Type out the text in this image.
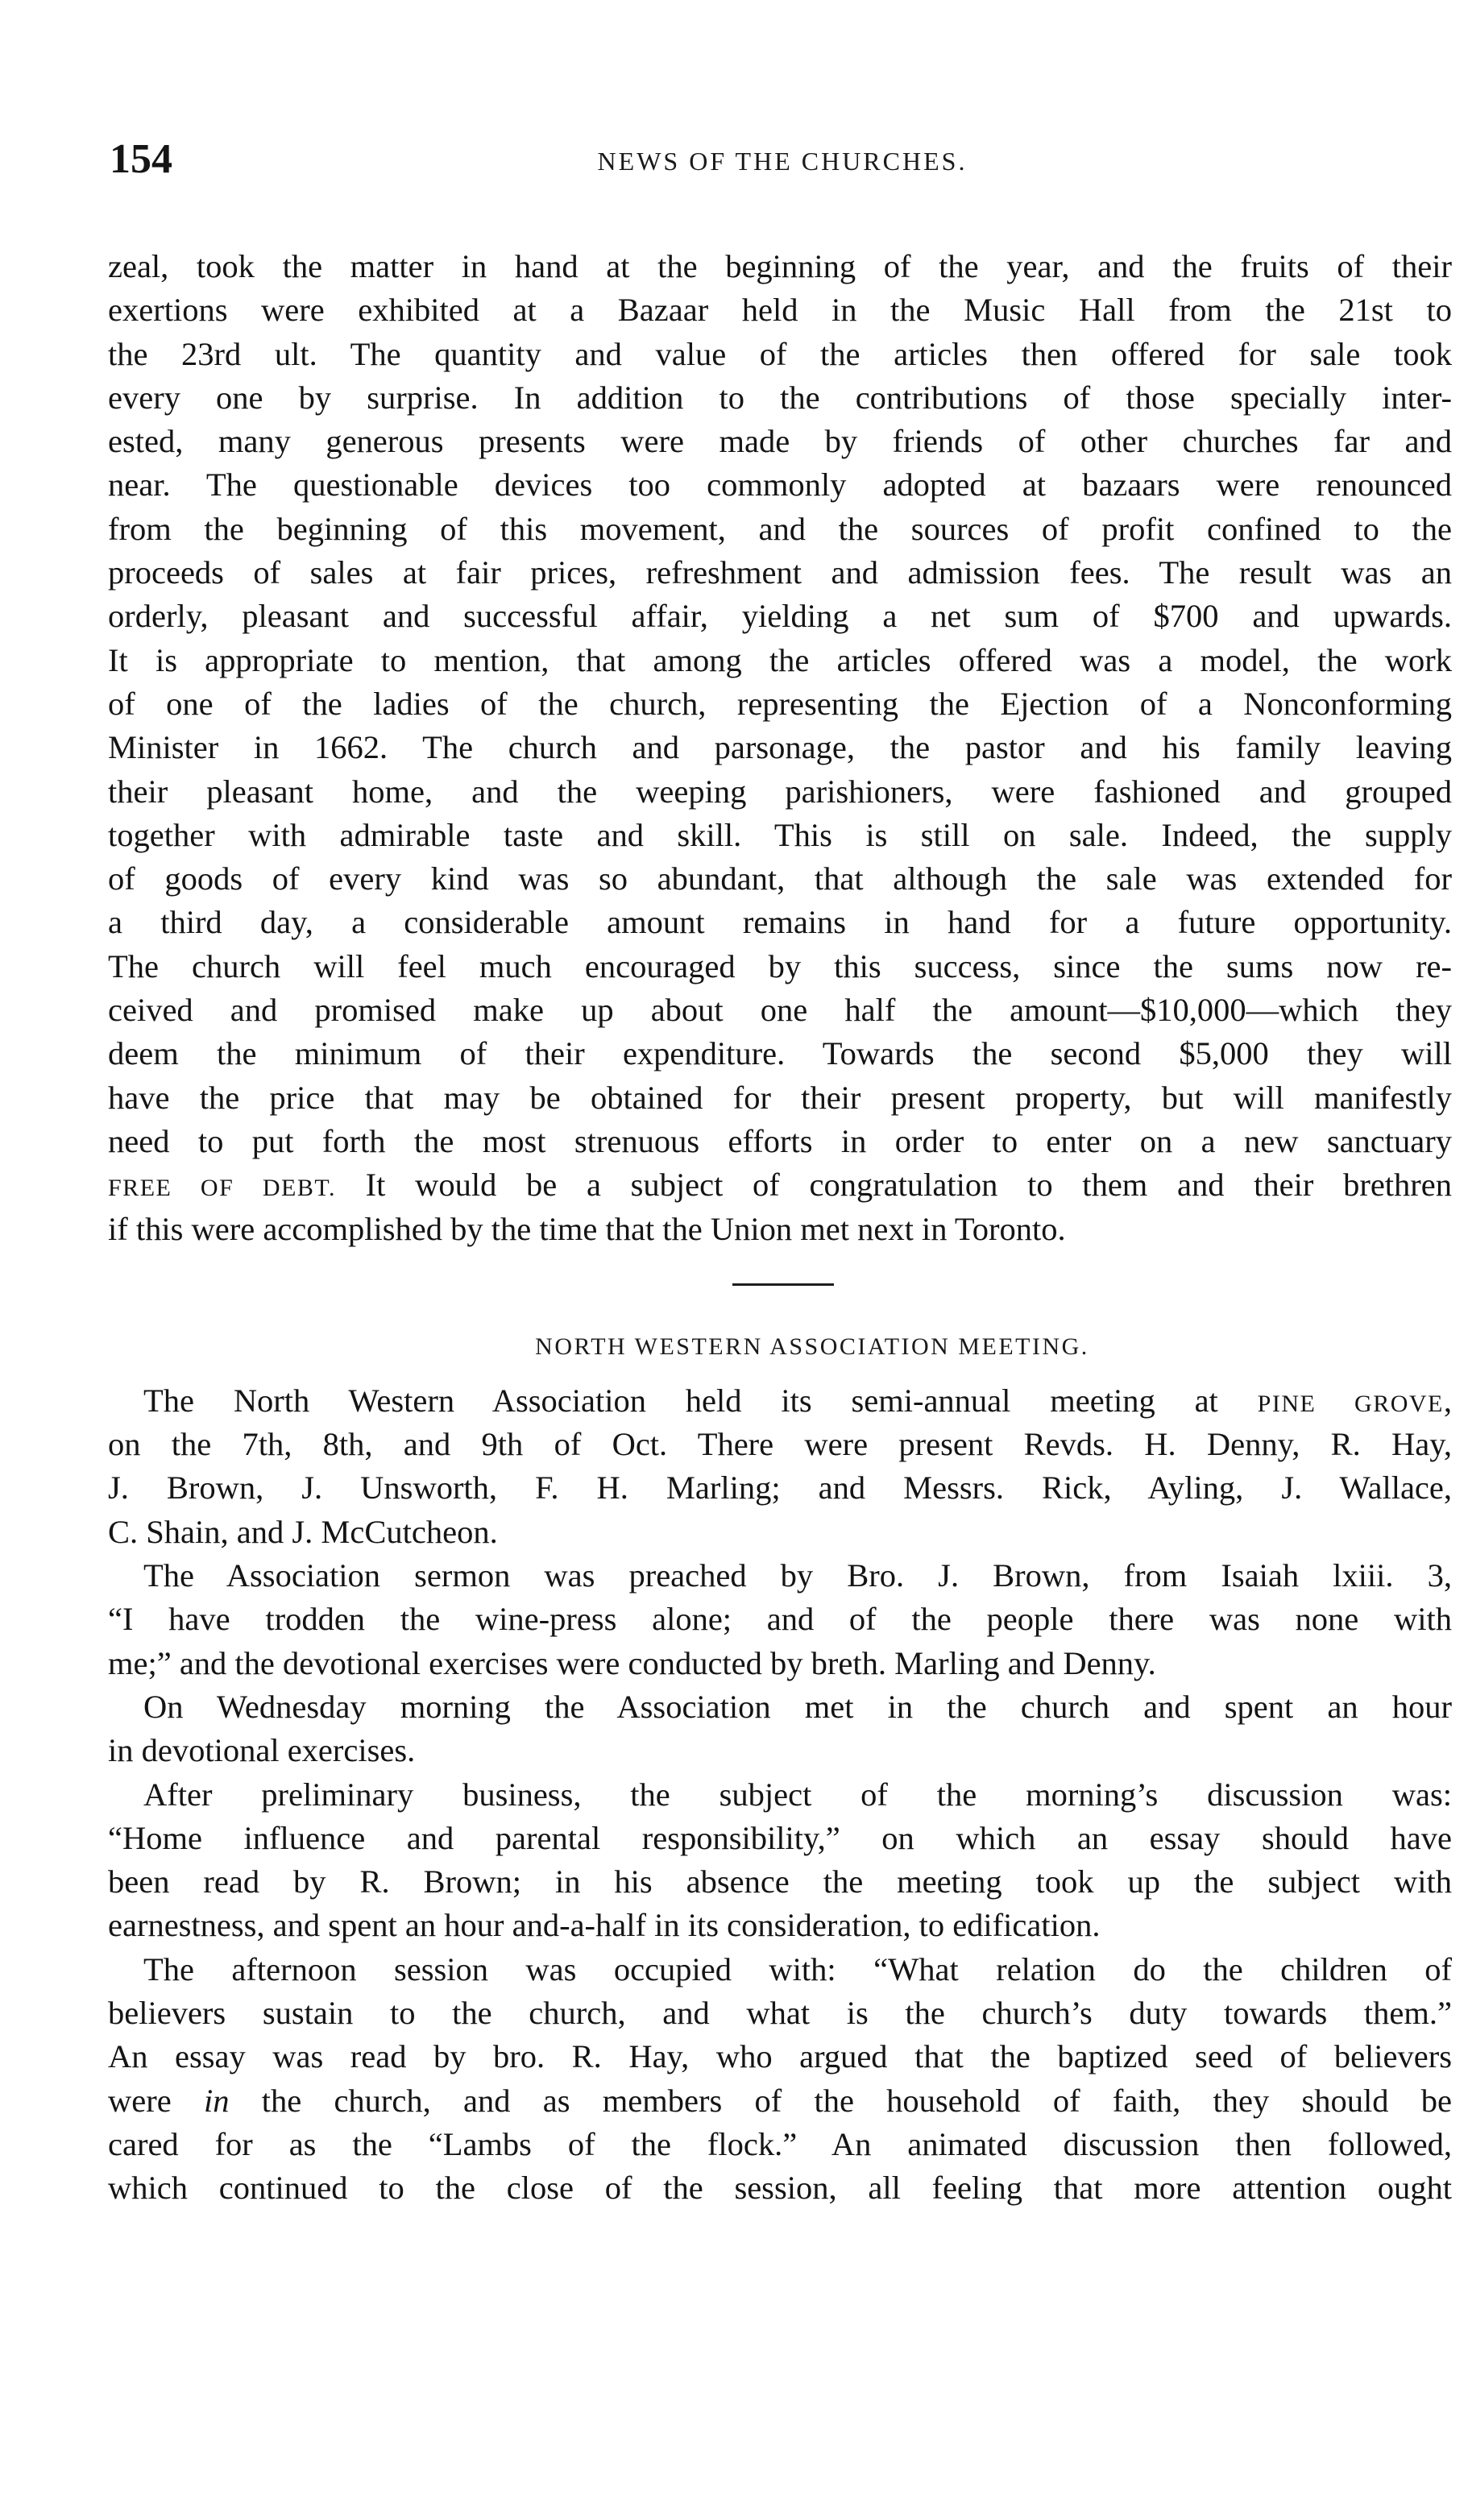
154	NEWS OF THE CHURCHES.
zeal, took the matter in hand at the beginning of the year, and the fruits of their
exertions were exhibited at a Bazaar held in the Music Hall from the 21st to
the 23rd ult. The quantity and value of the articles then offered for sale took
every one by surprise. In addition to the contributions of those specially inter-
ested, many generous presents were made by friends of other churches far and
near. The questionable devices too commonly adopted at bazaars were renounced
from the beginning of this movement, and the sources of profit confined to the
proceeds of sales at fair prices, refreshment and admission fees. The result was an
orderly, pleasant and successful affair, yielding a net sum of $700 and upwards.
It is appropriate to mention, that among the articles offered was a model, the work
of one of the ladies of the church, representing the Ejection of a Nonconforming
Minister in 1662. The church and parsonage, the pastor and his family leaving
their pleasant home, and the weeping parishioners, were fashioned and grouped
together with admirable taste and skill. This is still on sale. Indeed, the supply
of goods of every kind was so abundant, that although the sale was extended for
a third day, a considerable amount remains in hand for a future opportunity.
The church will feel much encouraged by this success, since the sums now re-
ceived and promised make up about one half the amount—$10,000—which they
deem the minimum of their expenditure. Towards the second $5,000 they will
have the price that may be obtained for their present property, but will manifestly
need to put forth the most strenuous efforts in order to enter on a new sanctuary
FREE OF DEBT. It would be a subject of congratulation to them and their brethren
if this were accomplished by the time that the Union met next in Toronto.
NORTH WESTERN ASSOCIATION MEETING.
The North Western Association held its semi-annual meeting at PINE GROVE,
on the 7th, 8th, and 9th of Oct. There were present Revds. H. Denny, R. Hay,
J. Brown, J. Unsworth, F. H. Marling; and Messrs. Rick, Ayling, J. Wallace,
C. Shain, and J. McCutcheon.
The Association sermon was preached by Bro. J. Brown, from Isaiah lxiii. 3,
“I have trodden the wine-press alone; and of the people there was none with
me;” and the devotional exercises were conducted by breth. Marling and Denny.
On Wednesday morning the Association met in the church and spent an hour
in devotional exercises.
After preliminary business, the subject of the morning’s discussion was:
“Home influence and parental responsibility,” on which an essay should have
been read by R. Brown; in his absence the meeting took up the subject with
earnestness, and spent an hour and-a-half in its consideration, to edification.
The afternoon session was occupied with: “What relation do the children of
believers sustain to the church, and what is the church’s duty towards them.”
An essay was read by bro. R. Hay, who argued that the baptized seed of believers
were in the church, and as members of the household of faith, they should be
cared for as the “Lambs of the flock.” An animated discussion then followed,
which continued to the close of the session, all feeling that more attention ought
